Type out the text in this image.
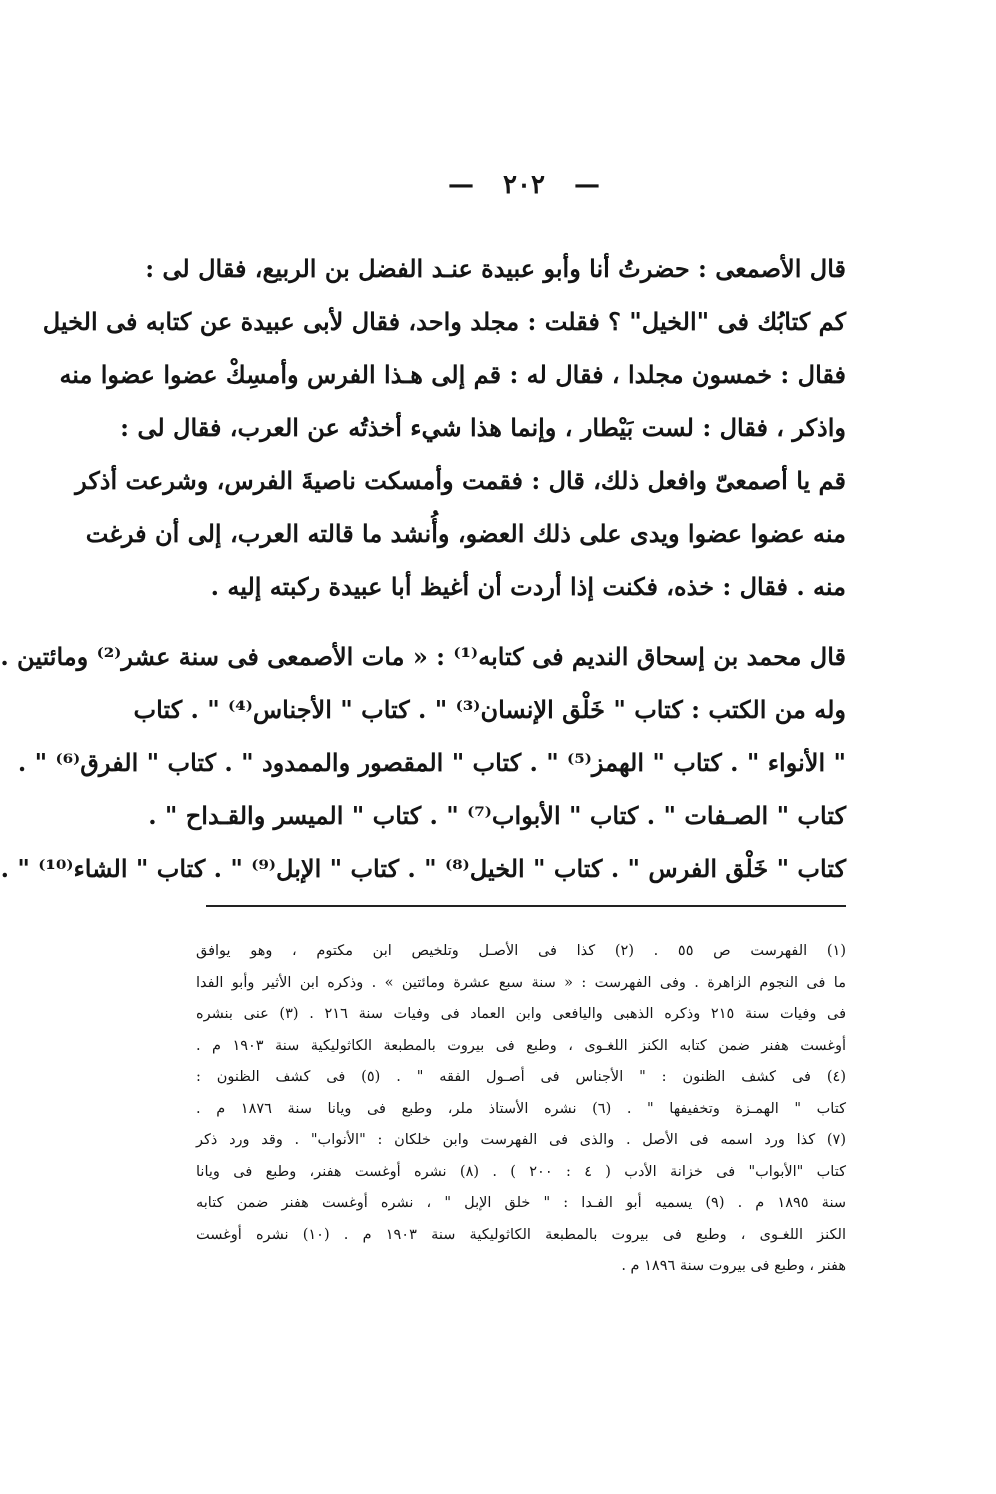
— ٢٠٢ —
قال الأصمعى : حضرتُ أنا وأبو عبيدة عنـد الفضل بن الربيع، فقال لى :
كم كتابُك فى "الخيل" ؟ فقلت : مجلد واحد، فقال لأبى عبيدة عن كتابه فى الخيل
فقال : خمسون مجلدا ، فقال له : قم إلى هـذا الفرس وأمسِكْ عضوا عضوا منه
واذكر ، فقال : لست بَيْطار ، وإنما هذا شيء أخذتُه عن العرب، فقال لى :
قم يا أصمعىّ وافعل ذلك، قال : فقمت وأمسكت ناصيةَ الفرس، وشرعت أذكر
منه عضوا عضوا ويدى على ذلك العضو، وأُنشد ما قالته العرب، إلى أن فرغت
منه . فقال : خذه، فكنت إذا أردت أن أغيظ أبا عبيدة ركبته إليه .
قال محمد بن إسحاق النديم فى كتابه⁽¹⁾ : « مات الأصمعى فى سنة عشر⁽²⁾ ومائتين .
وله من الكتب : كتاب " خَلْق الإنسان⁽³⁾ " . كتاب " الأجناس⁽⁴⁾ " . كتاب
" الأنواء " . كتاب " الهمز⁽⁵⁾ " . كتاب " المقصور والممدود " . كتاب " الفرق⁽⁶⁾ " .
كتاب " الصـفات " . كتاب " الأبواب⁽⁷⁾ " . كتاب " الميسر والقـداح " .
كتاب " خَلْق الفرس " . كتاب " الخيل⁽⁸⁾ " . كتاب " الإبل⁽⁹⁾ " . كتاب " الشاء⁽¹⁰⁾ " .
(١) الفهرست ص ٥٥ . (٢) كذا فى الأصـل وتلخيص ابن مكتوم ، وهو يوافق
ما فى النجوم الزاهرة . وفى الفهرست : « سنة سبع عشرة ومائتين » . وذكره ابن الأثير وأبو الفدا
فى وفيات سنة ٢١٥ وذكره الذهبى واليافعى وابن العماد فى وفيات سنة ٢١٦ . (٣) عنى بنشره
أوغست هفنر ضمن كتابه الكنز اللغـوى ، وطبع فى بيروت بالمطبعة الكاثوليكية سنة ١٩٠٣ م .
(٤) فى كشف الظنون : " الأجناس فى أصـول الفقه " . (٥) فى كشف الظنون :
كتاب " الهمـزة وتخفيفها " . (٦) نشره الأستاذ ملر، وطبع فى ويانا سنة ١٨٧٦ م .
(٧) كذا ورد اسمه فى الأصل . والذى فى الفهرست وابن خلكان : "الأنواب" . وقد ورد ذكر
كتاب "الأبواب" فى خزانة الأدب ( ٤ : ٢٠٠ ) . (٨) نشره أوغست هفنر، وطبع فى ويانا
سنة ١٨٩٥ م . (٩) يسميه أبو الفـدا : " خلق الإبل " ، نشره أوغست هفنر ضمن كتابه
الكنز اللغـوى ، وطبع فى بيروت بالمطبعة الكاثوليكية سنة ١٩٠٣ م . (١٠) نشره أوغست
هفنر ، وطبع فى بيروت سنة ١٨٩٦ م .
